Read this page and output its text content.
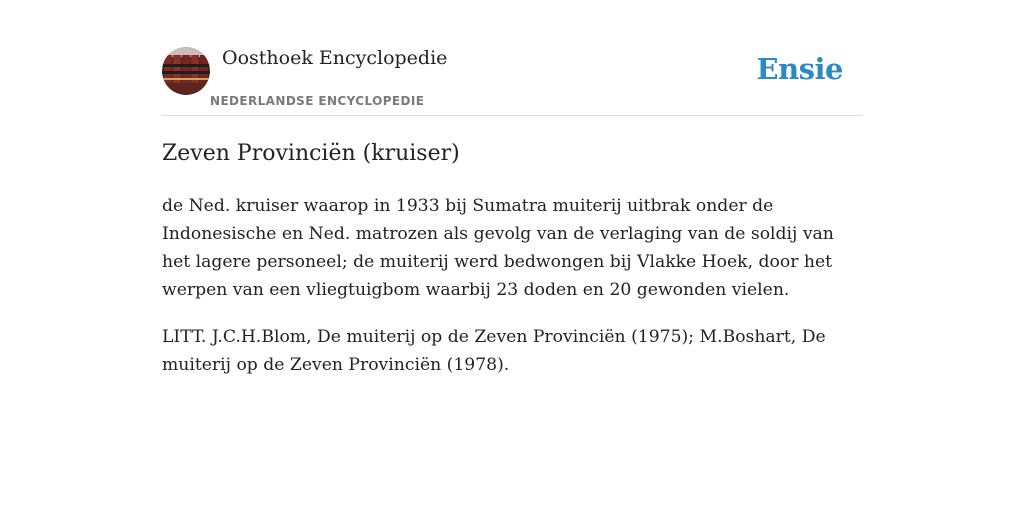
Oosthoek Encyclopedie
NEDERLANDSE ENCYCLOPEDIE
Ensie
Zeven Provinciën (kruiser)

de Ned. kruiser waarop in 1933 bij Sumatra muiterij uitbrak onder de Indonesische en Ned. matrozen als gevolg van de verlaging van de soldij van het lagere personeel; de muiterij werd bedwongen bij Vlakke Hoek, door het werpen van een vliegtuigbom waarbij 23 doden en 20 gewonden vielen.

LITT. J.C.H.Blom, De muiterij op de Zeven Provinciën (1975); M.Boshart, De muiterij op de Zeven Provinciën (1978).
